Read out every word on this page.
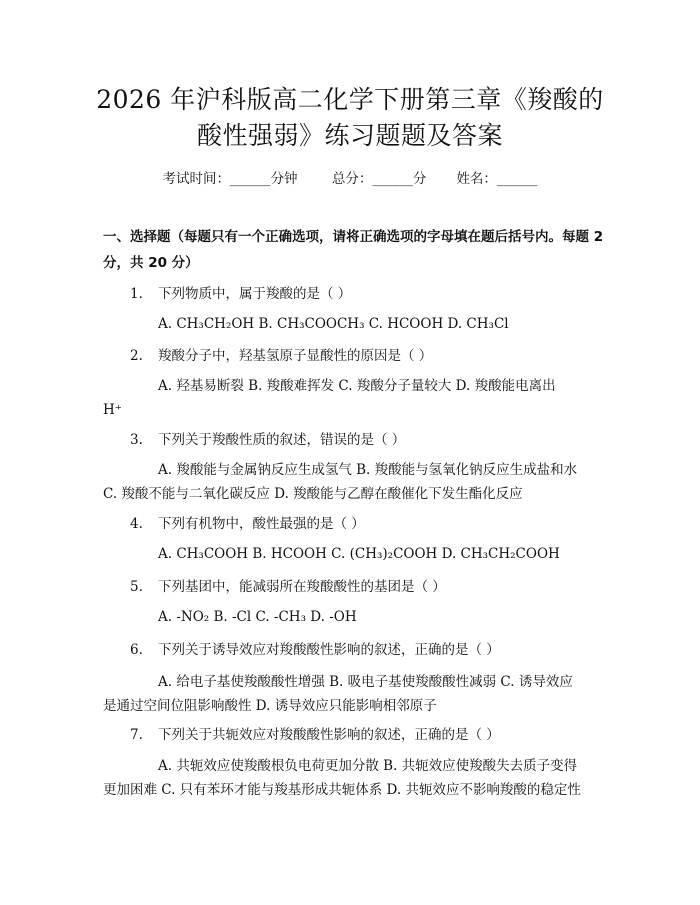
2026 年沪科版高二化学下册第三章《羧酸的
酸性强弱》练习题题及答案
考试时间：______分钟	总分：______分 姓名：______
一、选择题（每题只有一个正确选项，请将正确选项的字母填在题后括号内。每题 2 分，共 20 分）
1. 下列物质中，属于羧酸的是（ ）
A. CH₃CH₂OH B. CH₃COOCH₃ C. HCOOH D. CH₃Cl
2. 羧酸分子中，羟基氢原子显酸性的原因是（ ）
A. 羟基易断裂 B. 羧酸难挥发 C. 羧酸分子量较大 D. 羧酸能电离出
H⁺
3. 下列关于羧酸性质的叙述，错误的是（ ）
A. 羧酸能与金属钠反应生成氢气 B. 羧酸能与氢氧化钠反应生成盐和水
C. 羧酸不能与二氧化碳反应 D. 羧酸能与乙醇在酸催化下发生酯化反应
4. 下列有机物中，酸性最强的是（ ）
A. CH₃COOH B. HCOOH C. (CH₃)₂COOH D. CH₃CH₂COOH
5. 下列基团中，能减弱所在羧酸酸性的基团是（ ）
A. -NO₂ B. -Cl C. -CH₃ D. -OH
6. 下列关于诱导效应对羧酸酸性影响的叙述，正确的是（ ）
A. 给电子基使羧酸酸性增强 B. 吸电子基使羧酸酸性减弱 C. 诱导效应
是通过空间位阻影响酸性 D. 诱导效应只能影响相邻原子
7. 下列关于共轭效应对羧酸酸性影响的叙述，正确的是（ ）
A. 共轭效应使羧酸根负电荷更加分散 B. 共轭效应使羧酸失去质子变得
更加困难 C. 只有苯环才能与羧基形成共轭体系 D. 共轭效应不影响羧酸的稳定性
